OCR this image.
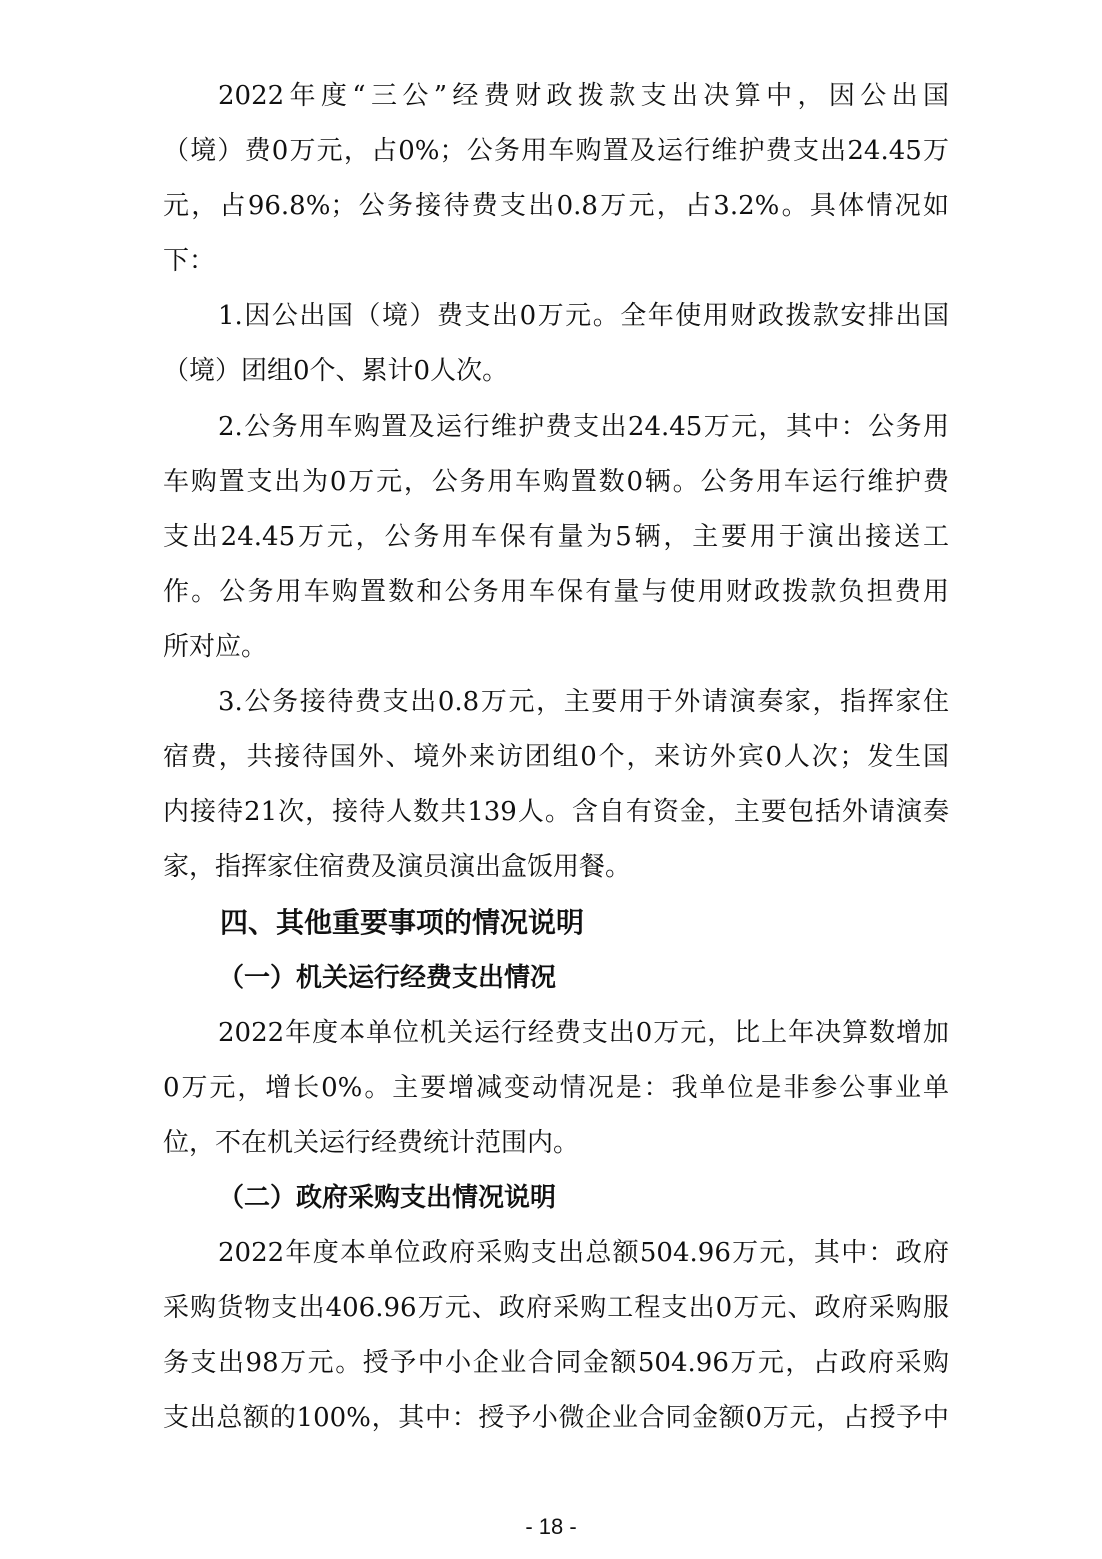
2022年度“三公”经费财政拨款支出决算中，因公出国
（境）费0万元，占0%；公务用车购置及运行维护费支出24.45万
元，占96.8%；公务接待费支出0.8万元，占3.2%。具体情况如
下：
1.因公出国（境）费支出0万元。全年使用财政拨款安排出国
（境）团组0个、累计0人次。
2.公务用车购置及运行维护费支出24.45万元，其中：公务用
车购置支出为0万元，公务用车购置数0辆。公务用车运行维护费
支出24.45万元，公务用车保有量为5辆，主要用于演出接送工
作。公务用车购置数和公务用车保有量与使用财政拨款负担费用
所对应。
3.公务接待费支出0.8万元，主要用于外请演奏家，指挥家住
宿费，共接待国外、境外来访团组0个，来访外宾0人次；发生国
内接待21次，接待人数共139人。含自有资金，主要包括外请演奏
家，指挥家住宿费及演员演出盒饭用餐。
四、其他重要事项的情况说明
（一）机关运行经费支出情况
2022年度本单位机关运行经费支出0万元，比上年决算数增加
0万元，增长0%。主要增减变动情况是：我单位是非参公事业单
位，不在机关运行经费统计范围内。
（二）政府采购支出情况说明
2022年度本单位政府采购支出总额504.96万元，其中：政府
采购货物支出406.96万元、政府采购工程支出0万元、政府采购服
务支出98万元。授予中小企业合同金额504.96万元，占政府采购
支出总额的100%，其中：授予小微企业合同金额0万元，占授予中
- 18 -
